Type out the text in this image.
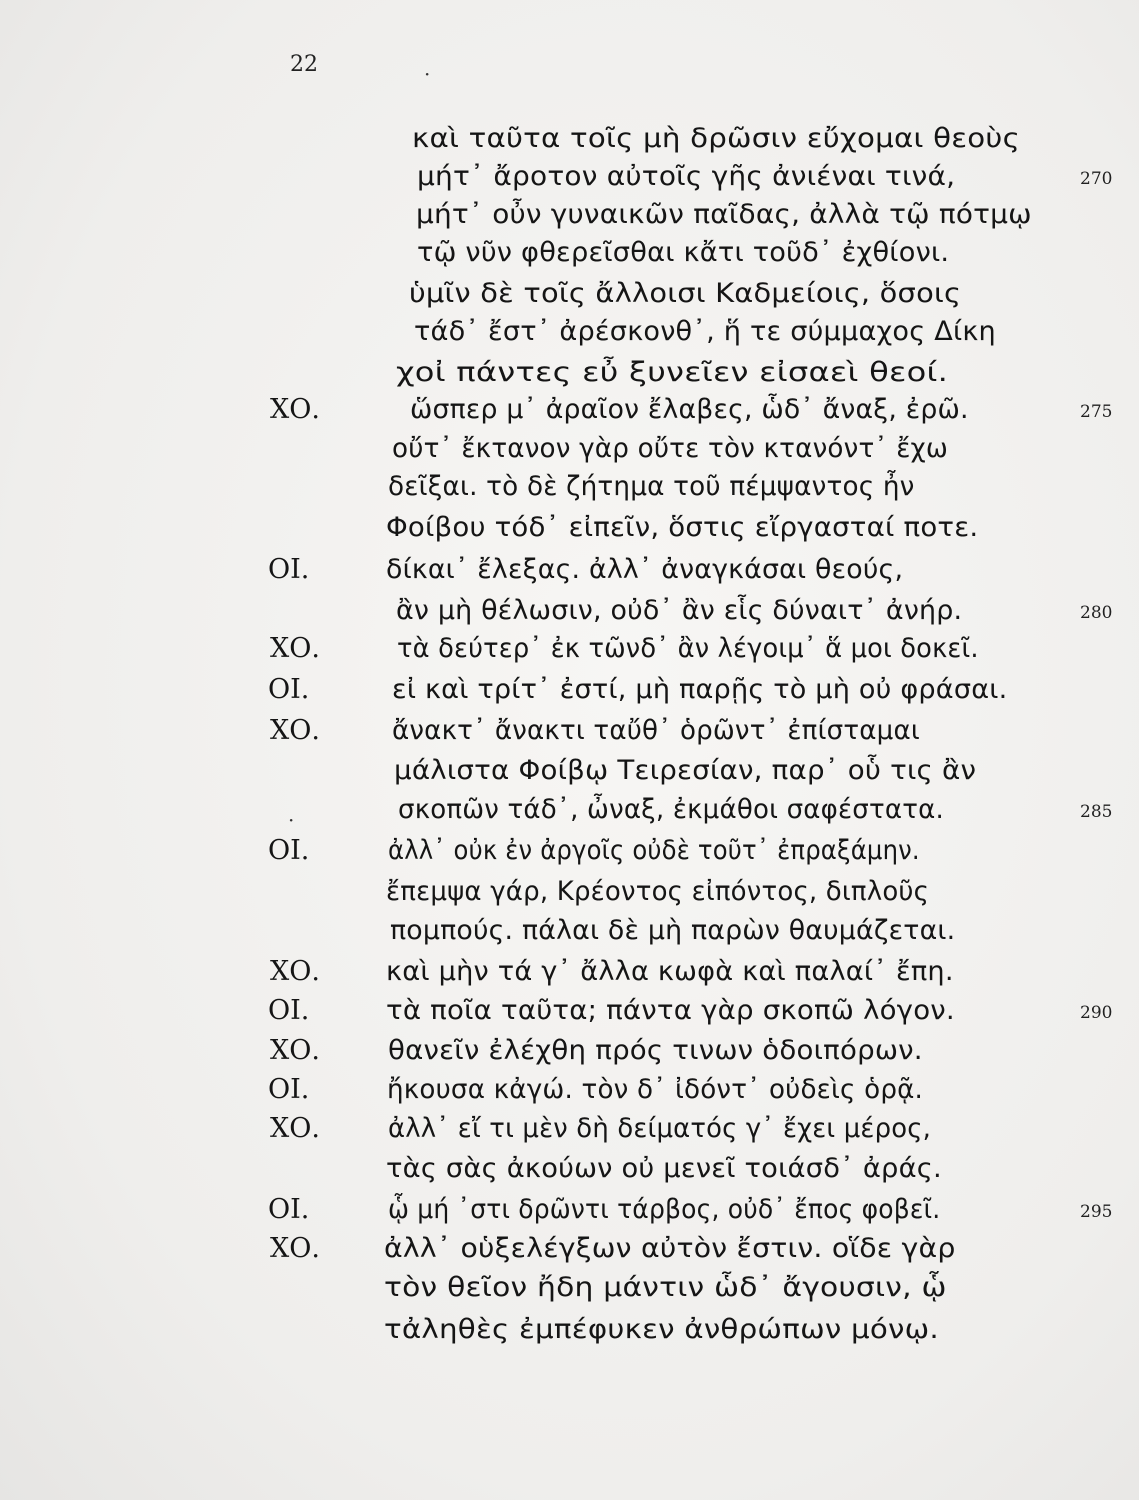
22	·
·
καὶ ταῦτα τοῖς μὴ δρῶσιν εὔχομαι θεοὺς
μήτ᾽ ἄροτον αὐτοῖς γῆς ἀνιέναι τινά,	270
μήτ᾽ οὖν γυναικῶν παῖδας, ἀλλὰ τῷ πότμῳ
τῷ νῦν φθερεῖσθαι κἄτι τοῦδ᾽ ἐχθίονι.
ὑμῖν δὲ τοῖς ἄλλοισι Καδμείοις, ὅσοις
τάδ᾽ ἔστ᾽ ἀρέσκονθ᾽, ἥ τε σύμμαχος Δίκη
χοἰ πάντες εὖ ξυνεῖεν εἰσαεὶ θεοί.
ΧΟ.	ὥσπερ μ᾽ ἀραῖον ἔλαβες, ὧδ᾽ ἄναξ, ἐρῶ.	275
οὔτ᾽ ἔκτανον γὰρ οὔτε τὸν κτανόντ᾽ ἔχω
δεῖξαι. τὸ δὲ ζήτημα τοῦ πέμψαντος ἦν
Φοίβου τόδ᾽ εἰπεῖν, ὅστις εἴργασταί ποτε.
ΟΙ.	δίκαι᾽ ἔλεξας. ἀλλ᾽ ἀναγκάσαι θεούς,
ἂν μὴ θέλωσιν, οὐδ᾽ ἂν εἷς δύναιτ᾽ ἀνήρ.	280
ΧΟ.	τὰ δεύτερ᾽ ἐκ τῶνδ᾽ ἂν λέγοιμ᾽ ἅ μοι δοκεῖ.
ΟΙ.	εἰ καὶ τρίτ᾽ ἐστί, μὴ παρῇς τὸ μὴ οὐ φράσαι.
ΧΟ.	ἄνακτ᾽ ἄνακτι ταὔθ᾽ ὁρῶντ᾽ ἐπίσταμαι
μάλιστα Φοίβῳ Τειρεσίαν, παρ᾽ οὗ τις ἂν
σκοπῶν τάδ᾽, ὦναξ, ἐκμάθοι σαφέστατα.	285
ΟΙ.	ἀλλ᾽ οὐκ ἐν ἀργοῖς οὐδὲ τοῦτ᾽ ἐπραξάμην.
ἔπεμψα γάρ, Κρέοντος εἰπόντος, διπλοῦς
πομπούς. πάλαι δὲ μὴ παρὼν θαυμάζεται.
ΧΟ. καὶ μὴν τά γ᾽ ἄλλα κωφὰ καὶ παλαί᾽ ἔπη.
ΟΙ.	τὰ ποῖα ταῦτα; πάντα γὰρ σκοπῶ λόγον.	290
ΧΟ.	θανεῖν ἐλέχθη πρός τινων ὁδοιπόρων.
ΟΙ.	ἤκουσα κἀγώ. τὸν δ᾽ ἰδόντ᾽ οὐδεὶς ὁρᾷ.
ΧΟ.	ἀλλ᾽ εἴ τι μὲν δὴ δείματός γ᾽ ἔχει μέρος,
τὰς σὰς ἀκούων οὐ μενεῖ τοιάσδ᾽ ἀράς.
ΟΙ.	ᾧ μή ᾽στι δρῶντι τάρβος, οὐδ᾽ ἔπος φοβεῖ.	295
ΧΟ. ἀλλ᾽ οὑξελέγξων αὐτὸν ἔστιν. οἵδε γὰρ
τὸν θεῖον ἤδη μάντιν ὧδ᾽ ἄγουσιν, ᾧ
τἀληθὲς ἐμπέφυκεν ἀνθρώπων μόνῳ.
